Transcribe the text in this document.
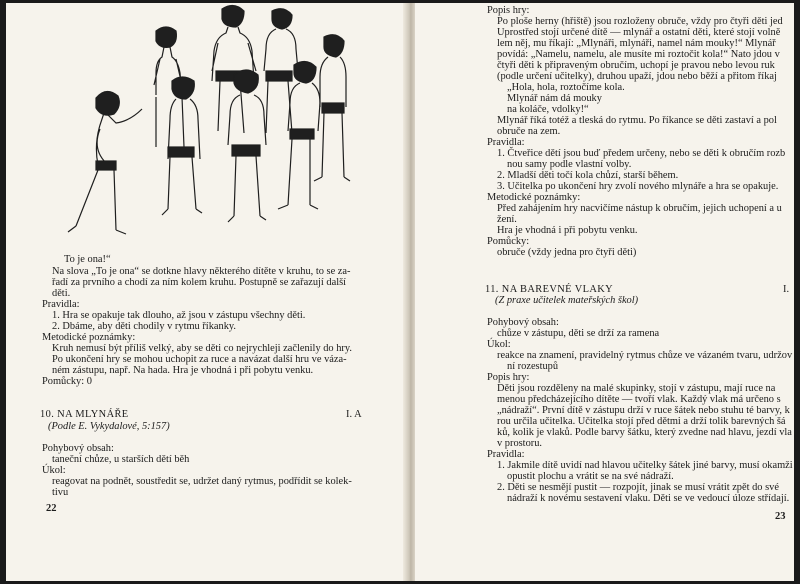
To je ona!“
Na slova „To je ona“ se dotkne hlavy některého dítěte v kruhu, to se za-
řadí za prvního a chodí za ním kolem kruhu. Postupně se zařazují další
děti.
Pravidla:
1. Hra se opakuje tak dlouho, až jsou v zástupu všechny děti.
2. Dbáme, aby děti chodily v rytmu říkanky.
Metodické poznámky:
Kruh nemusí být příliš velký, aby se děti co nejrychleji začlenily do hry.
Po ukončení hry se mohou uchopit za ruce a navázat další hru ve váza-
ném zástupu, např. Na hada. Hra je vhodná i při pobytu venku.
Pomůcky: 0
10. NA MLYNÁŘE	I. A
(Podle E. Vykydalové, 5:157)
Pohybový obsah:
taneční chůze, u starších dětí běh
Úkol:
reagovat na podnět, soustředit se, udržet daný rytmus, podřídit se kolek-
tivu
22
Popis hry:
Po ploše herny (hřiště) jsou rozloženy obruče, vždy pro čtyři děti jed
Uprostřed stojí určené dítě — mlynář a ostatní děti, které stojí volně
lem něj, mu říkají: „Mlynáři, mlynáři, namel nám mouky!“ Mlynář
povídá: „Namelu, namelu, ale musíte mi roztočit kola!“ Nato jdou v
čtyři děti k připraveným obručím, uchopí je pravou nebo levou ruk
(podle určení učitelky), druhou upaží, jdou nebo běží a přitom říkaj
„Hola, hola, roztočíme kola.
Mlynář nám dá mouky
na koláče, vdolky!“
Mlynář říká totéž a tleská do rytmu. Po říkance se děti zastaví a pol
obruče na zem.
Pravidla:
1. Čtveřice dětí jsou buď předem určeny, nebo se děti k obručím rozb
nou samy podle vlastní volby.
2. Mladší děti točí kola chůzí, starší během.
3. Učitelka po ukončení hry zvolí nového mlynáře a hra se opakuje.
Metodické poznámky:
Před zahájením hry nacvičíme nástup k obručím, jejich uchopení a u
žení.
Hra je vhodná i při pobytu venku.
Pomůcky:
obruče (vždy jedna pro čtyři děti)
11. NA BAREVNÉ VLAKY	I.
(Z praxe učitelek mateřských škol)
Pohybový obsah:
chůze v zástupu, děti se drží za ramena
Úkol:
reakce na znamení, pravidelný rytmus chůze ve vázaném tvaru, udržov
ní rozestupů
Popis hry:
Děti jsou rozděleny na malé skupinky, stojí v zástupu, mají ruce na
menou předcházejícího dítěte — tvoří vlak. Každý vlak má určeno s
„nádraží“. První dítě v zástupu drží v ruce šátek nebo stuhu té barvy, k
rou určila učitelka. Učitelka stojí před dětmi a drží tolik barevných šá
ků, kolik je vlaků. Podle barvy šátku, který zvedne nad hlavu, jezdí vla
v prostoru.
Pravidla:
1. Jakmile dítě uvidí nad hlavou učitelky šátek jiné barvy, musí okamži
opustit plochu a vrátit se na své nádraží.
2. Děti se nesmějí pustit — rozpojít, jinak se musí vrátit zpět do své
nádraží k novému sestavení vlaku. Děti se ve vedoucí úloze střídají.
23
